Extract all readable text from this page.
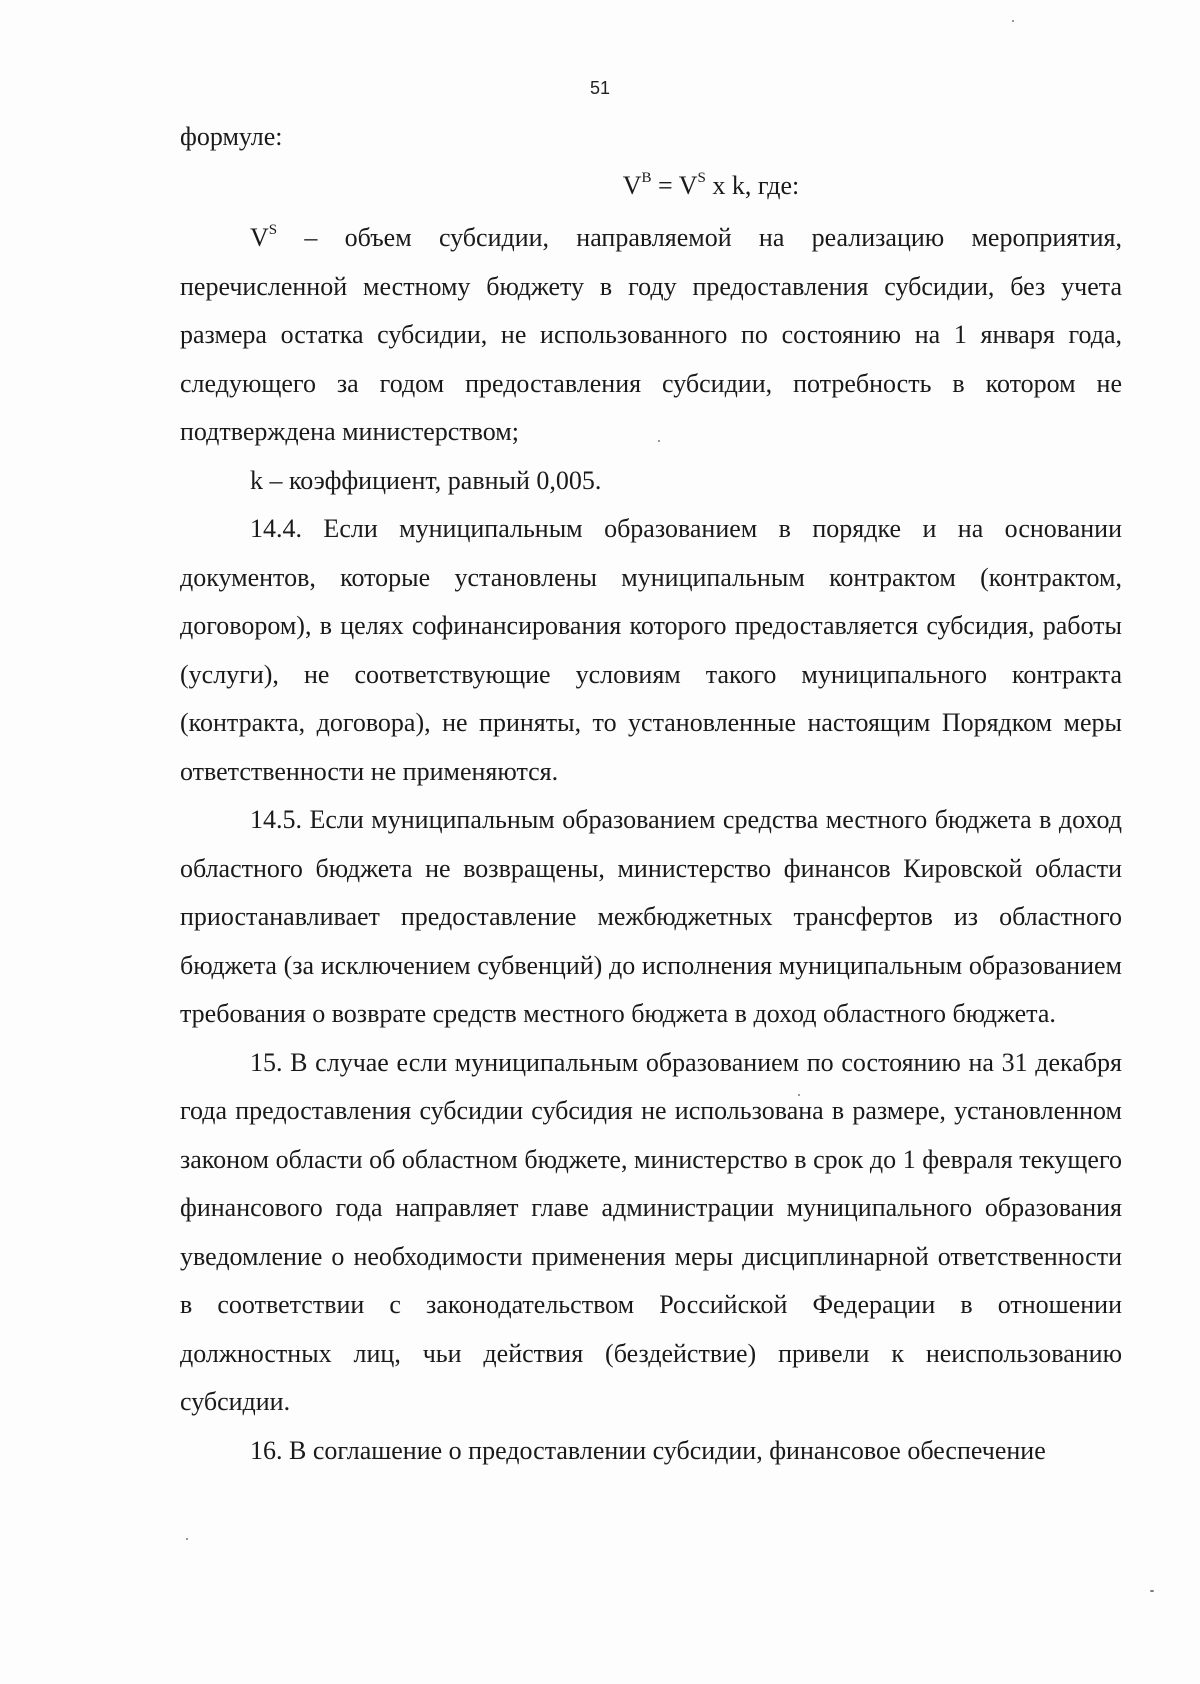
51

формуле:

$V^B = V^S$ x k, где:

$V^S$ – объем субсидии, направляемой на реализацию мероприятия, перечисленной местному бюджету в году предоставления субсидии, без учета размера остатка субсидии, не использованного по состоянию на 1 января года, следующего за годом предоставления субсидии, потребность в котором не подтверждена министерством;

k – коэффициент, равный 0,005.

14.4. Если муниципальным образованием в порядке и на основании документов, которые установлены муниципальным контрактом (контрактом, договором), в целях софинансирования которого предоставляется субсидия, работы (услуги), не соответствующие условиям такого муниципального контракта (контракта, договора), не приняты, то установленные настоящим Порядком меры ответственности не применяются.

14.5. Если муниципальным образованием средства местного бюджета в доход областного бюджета не возвращены, министерство финансов Кировской области приостанавливает предоставление межбюджетных трансфертов из областного бюджета (за исключением субвенций) до исполнения муниципальным образованием требования о возврате средств местного бюджета в доход областного бюджета.

15. В случае если муниципальным образованием по состоянию на 31 декабря года предоставления субсидии субсидия не использована в размере, установленном законом области об областном бюджете, министерство в срок до 1 февраля текущего финансового года направляет главе администрации муниципального образования уведомление о необходимости применения меры дисциплинарной ответственности в соответствии с законодательством Российской Федерации в отношении должностных лиц, чьи действия (бездействие) привели к неиспользованию субсидии.

16. В соглашение о предоставлении субсидии, финансовое обеспечение
